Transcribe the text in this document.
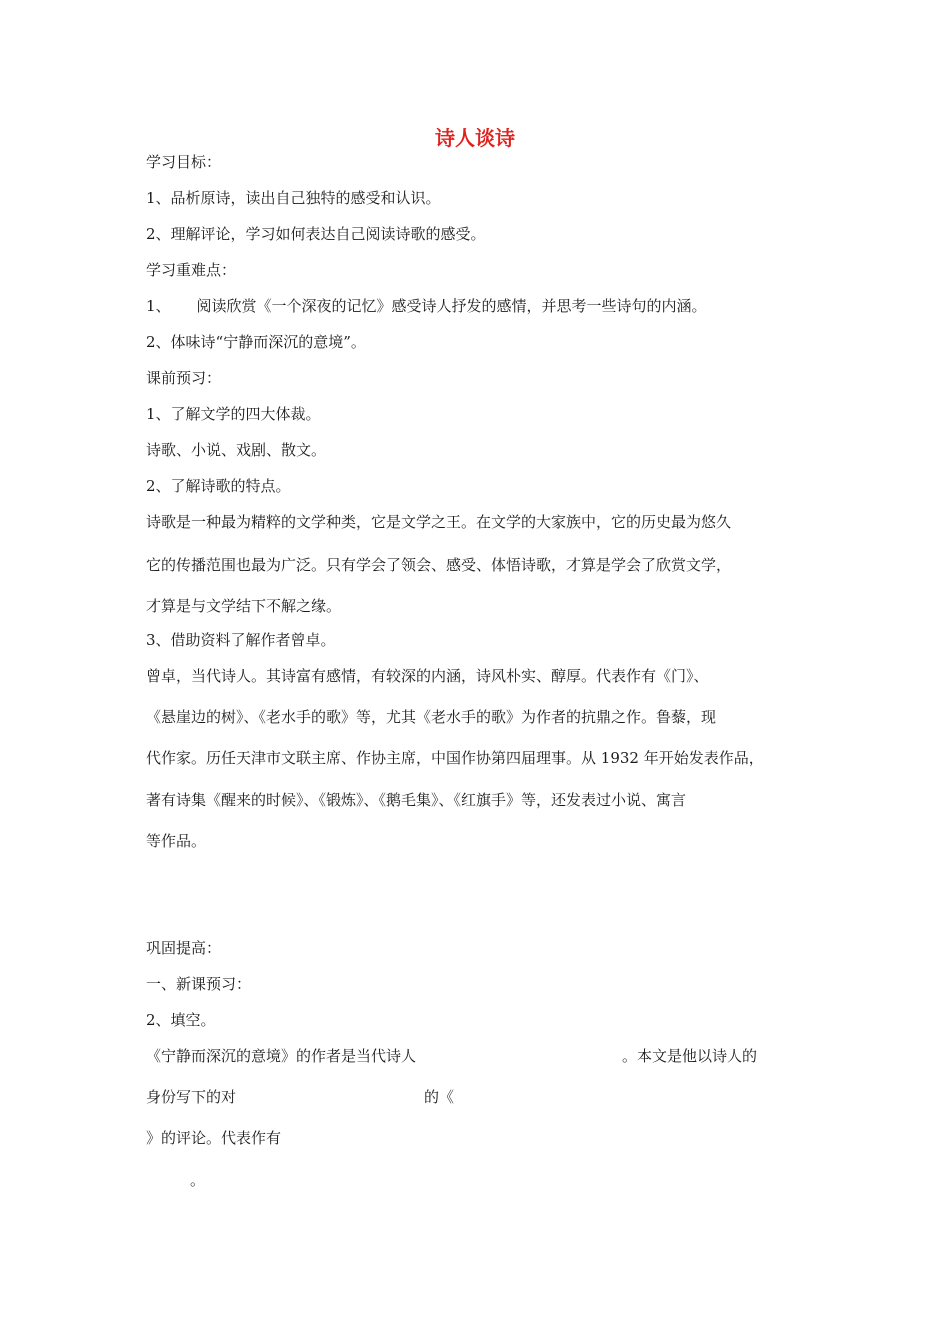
诗人谈诗
学习目标：
1、品析原诗，读出自己独特的感受和认识。
2、理解评论，学习如何表达自己阅读诗歌的感受。
学习重难点：
1、 阅读欣赏《一个深夜的记忆》感受诗人抒发的感情，并思考一些诗句的内涵。
2、体味诗“宁静而深沉的意境”。
课前预习：
1、了解文学的四大体裁。
诗歌、小说、戏剧、散文。
2、了解诗歌的特点。
诗歌是一种最为精粹的文学种类，它是文学之王。在文学的大家族中，它的历史最为悠久
它的传播范围也最为广泛。只有学会了领会、感受、体悟诗歌，才算是学会了欣赏文学，
才算是与文学结下不解之缘。
3、借助资料了解作者曾卓。
曾卓，当代诗人。其诗富有感情，有较深的内涵，诗风朴实、醇厚。代表作有《门》、
《悬崖边的树》、《老水手的歌》等，尤其《老水手的歌》为作者的抗鼎之作。鲁藜，现
代作家。历任天津市文联主席、作协主席，中国作协第四届理事。从 1932 年开始发表作品，
著有诗集《醒来的时候》、《锻炼》、《鹅毛集》、《红旗手》等，还发表过小说、寓言
等作品。
巩固提高：
一、新课预习：
2、填空。
《宁静而深沉的意境》的作者是当代诗人	。本文是他以诗人的
身份写下的对	的《
》的评论。代表作有
。
